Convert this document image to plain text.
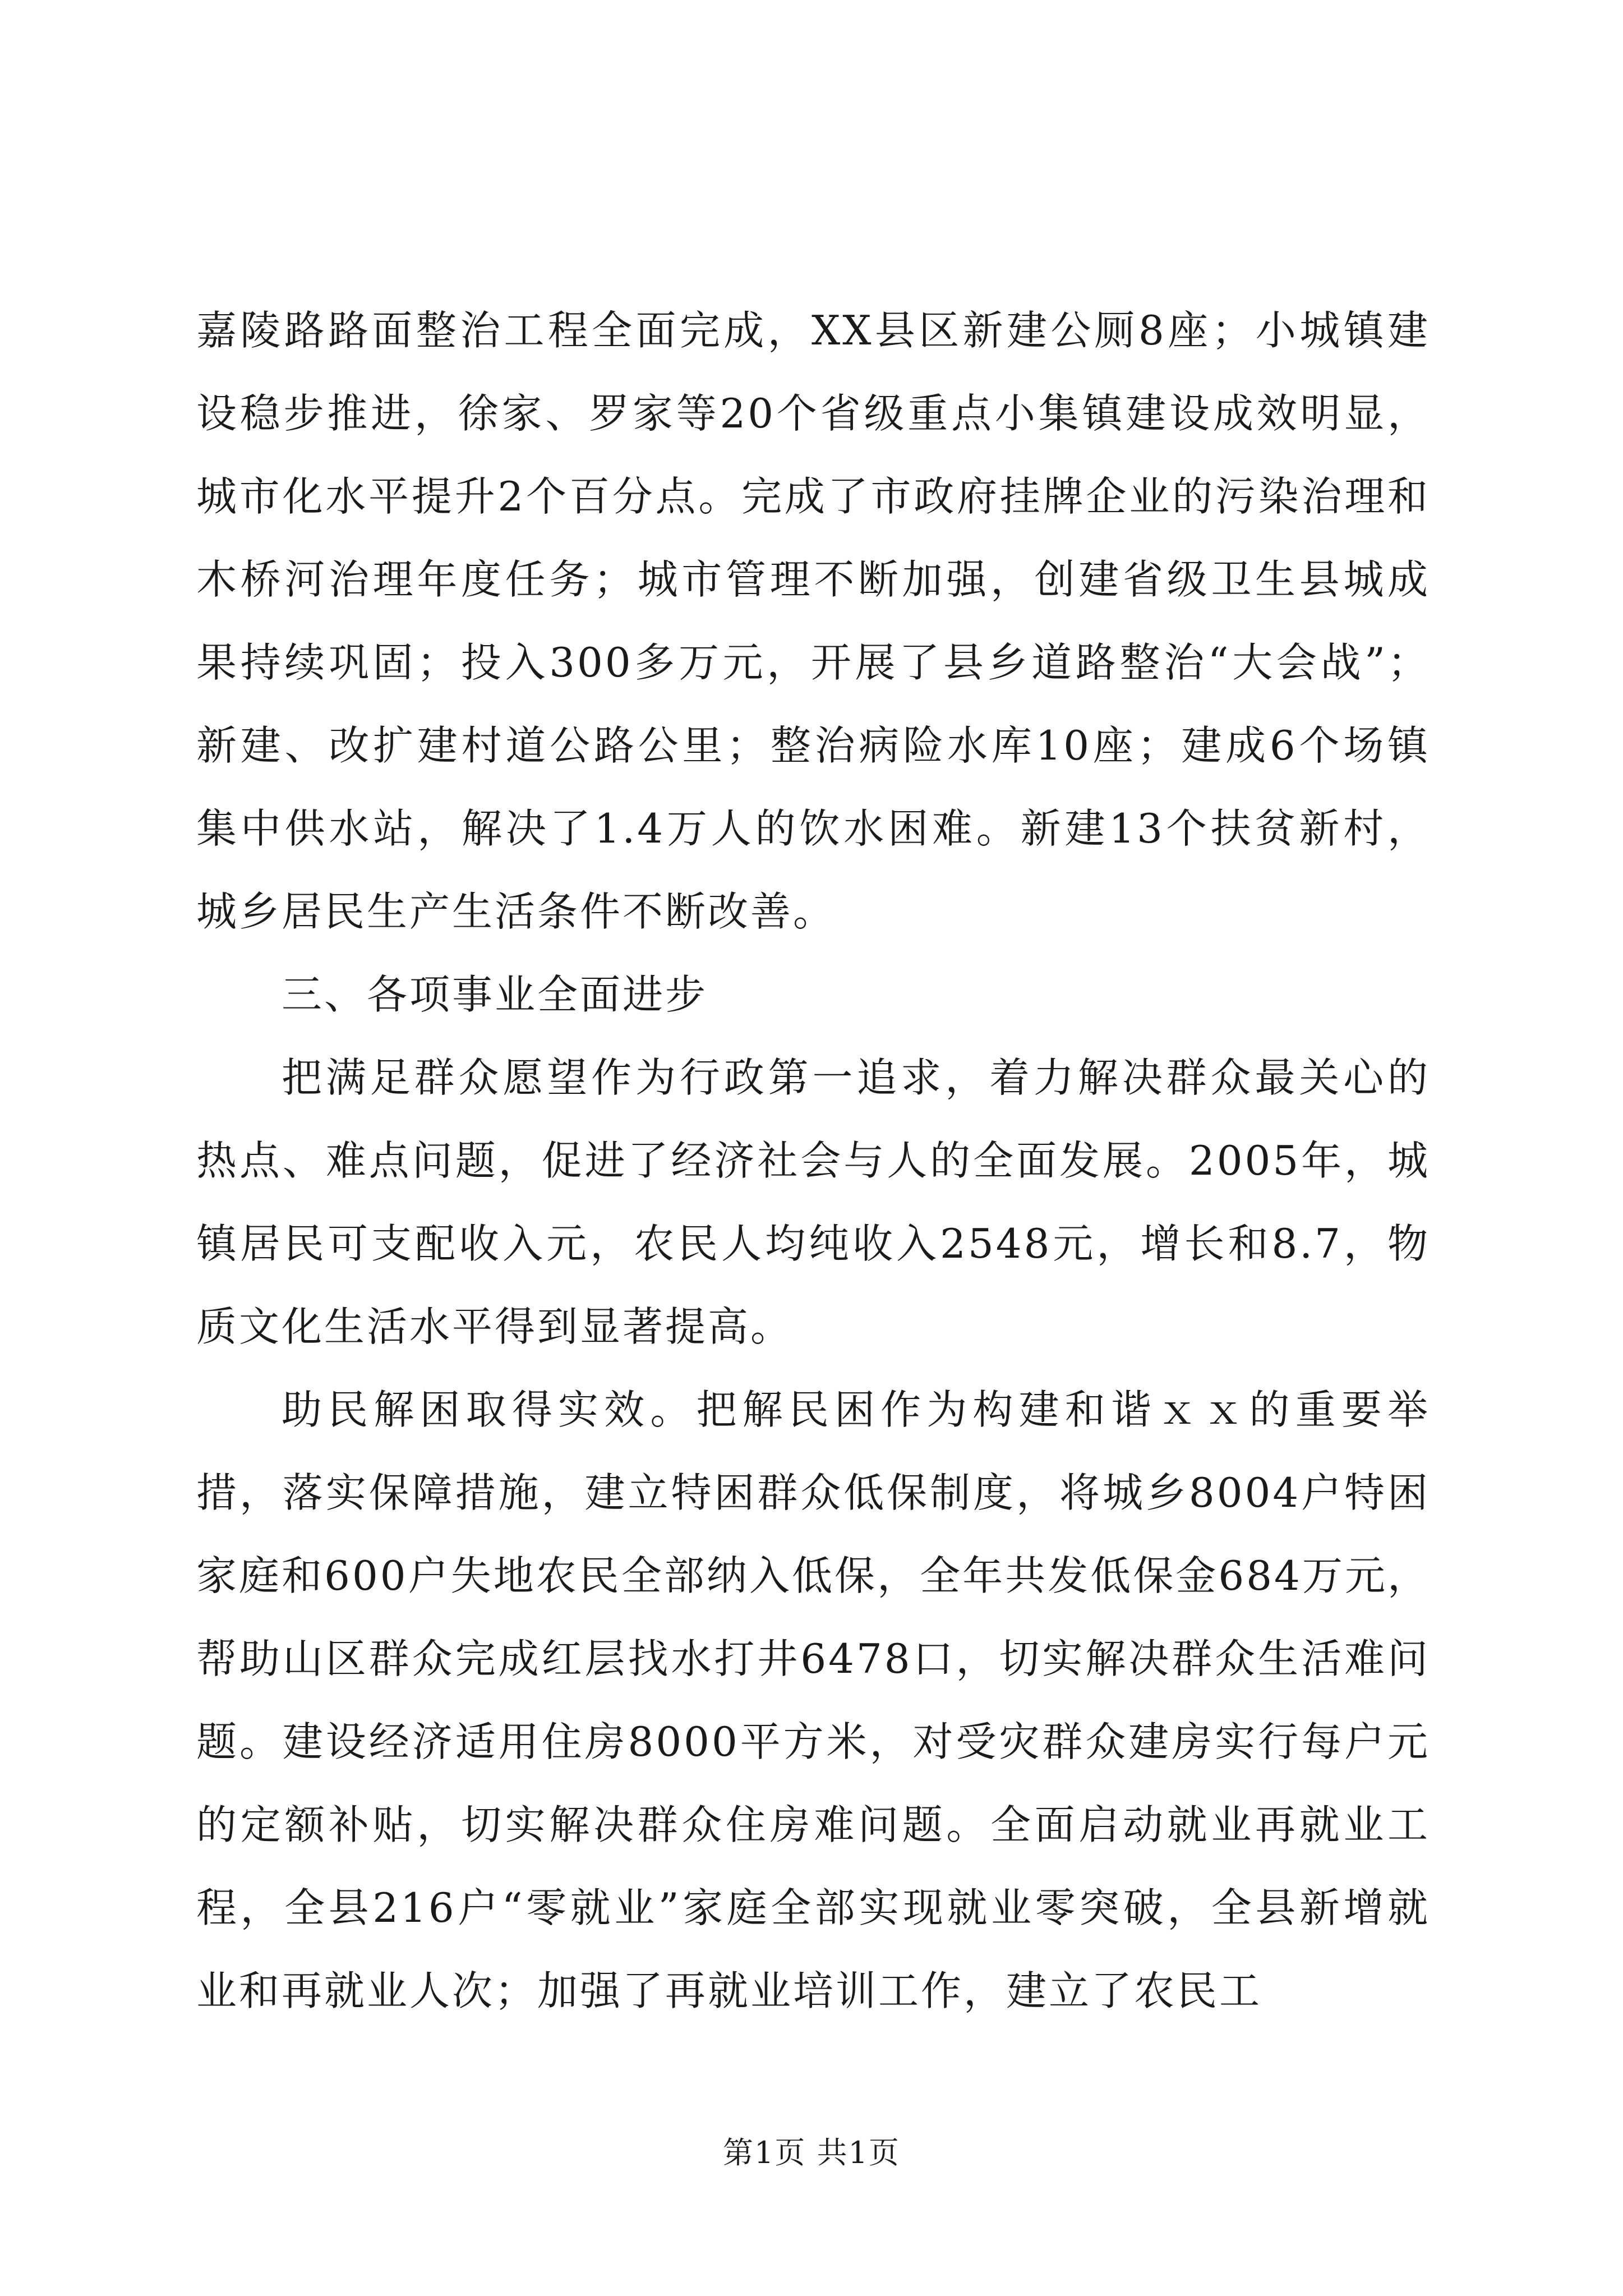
嘉陵路路面整治工程全面完成，XX县区新建公厕8座；小城镇建设稳步推进，徐家、罗家等20个省级重点小集镇建设成效明显，城市化水平提升2个百分点。完成了市政府挂牌企业的污染治理和木桥河治理年度任务；城市管理不断加强，创建省级卫生县城成果持续巩固；投入300多万元，开展了县乡道路整治“大会战”；新建、改扩建村道公路公里；整治病险水库10座；建成6个场镇集中供水站，解决了1.4万人的饮水困难。新建13个扶贫新村，城乡居民生产生活条件不断改善。

三、各项事业全面进步

把满足群众愿望作为行政第一追求，着力解决群众最关心的热点、难点问题，促进了经济社会与人的全面发展。2005年，城镇居民可支配收入元，农民人均纯收入2548元，增长和8.7，物质文化生活水平得到显著提高。

助民解困取得实效。把解民困作为构建和谐ｘｘ的重要举措，落实保障措施，建立特困群众低保制度，将城乡8004户特困家庭和600户失地农民全部纳入低保，全年共发低保金684万元，帮助山区群众完成红层找水打井6478口，切实解决群众生活难问题。建设经济适用住房8000平方米，对受灾群众建房实行每户元的定额补贴，切实解决群众住房难问题。全面启动就业再就业工程，全县216户“零就业”家庭全部实现就业零突破，全县新增就业和再就业人次；加强了再就业培训工作，建立了农民工

第1页 共1页
